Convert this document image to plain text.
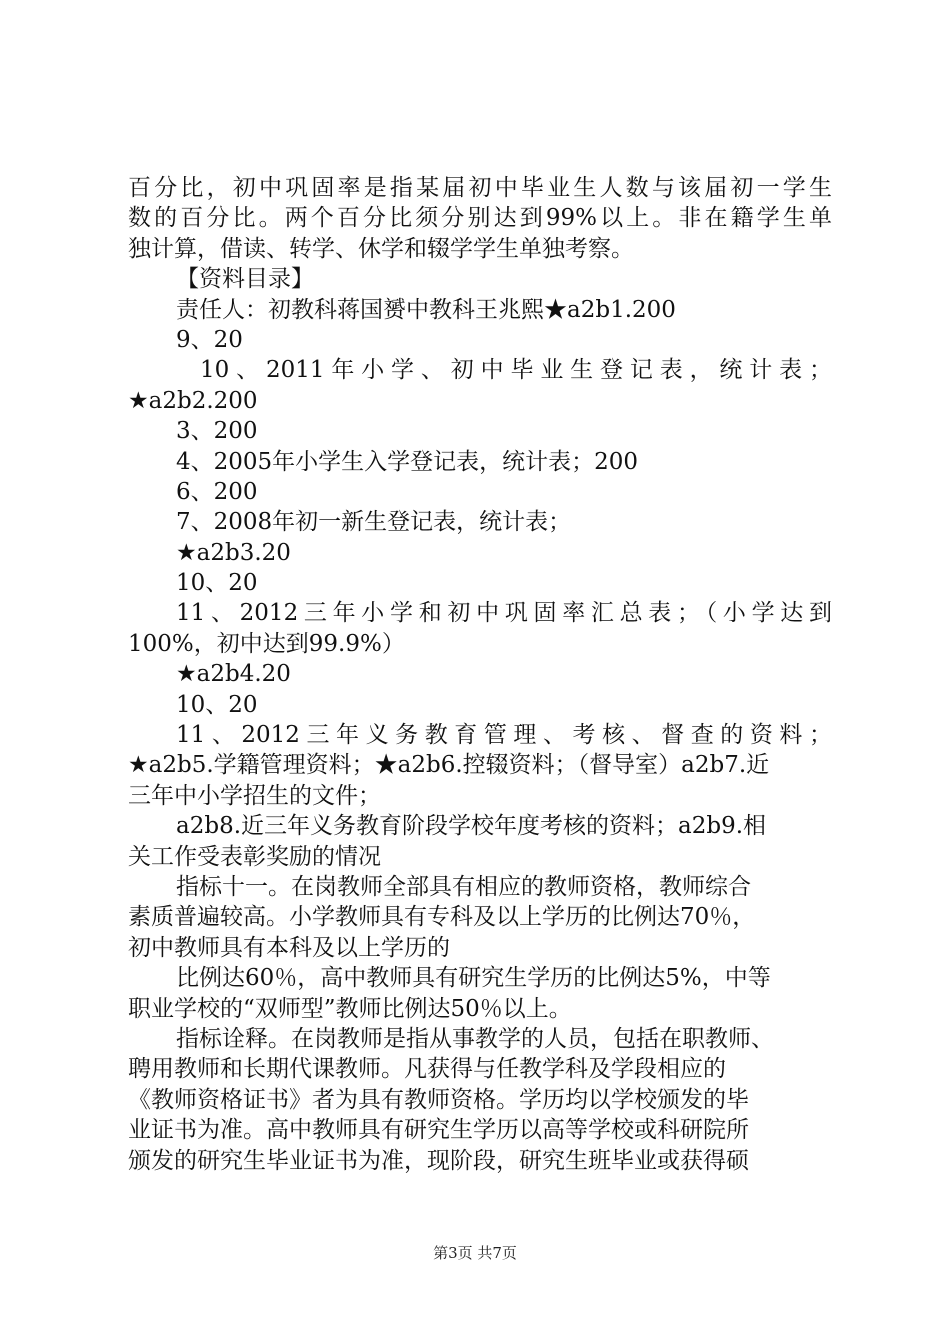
百分比，初中巩固率是指某届初中毕业生人数与该届初一学生
数的百分比。两个百分比须分别达到99%以上。非在籍学生单
独计算，借读、转学、休学和辍学学生单独考察。
【资料目录】
责任人：初教科蒋国赟中教科王兆熙★a2b1.200
9、20
10、2011年小学、初中毕业生登记表，统计表；
★a2b2.200
3、200
4、2005年小学生入学登记表，统计表；200
6、200
7、2008年初一新生登记表，统计表；
★a2b3.20
10、20
11、2012三年小学和初中巩固率汇总表；（小学达到
100%，初中达到99.9%）
★a2b4.20
10、20
11、2012三年义务教育管理、考核、督查的资料；
★a2b5.学籍管理资料；★a2b6.控辍资料；（督导室）a2b7.近
三年中小学招生的文件；
a2b8.近三年义务教育阶段学校年度考核的资料；a2b9.相
关工作受表彰奖励的情况
指标十一。在岗教师全部具有相应的教师资格，教师综合
素质普遍较高。小学教师具有专科及以上学历的比例达70％，
初中教师具有本科及以上学历的
比例达60％，高中教师具有研究生学历的比例达5%，中等
职业学校的“双师型”教师比例达50％以上。
指标诠释。在岗教师是指从事教学的人员，包括在职教师、
聘用教师和长期代课教师。凡获得与任教学科及学段相应的
《教师资格证书》者为具有教师资格。学历均以学校颁发的毕
业证书为准。高中教师具有研究生学历以高等学校或科研院所
颁发的研究生毕业证书为准，现阶段，研究生班毕业或获得硕
第3页 共7页
